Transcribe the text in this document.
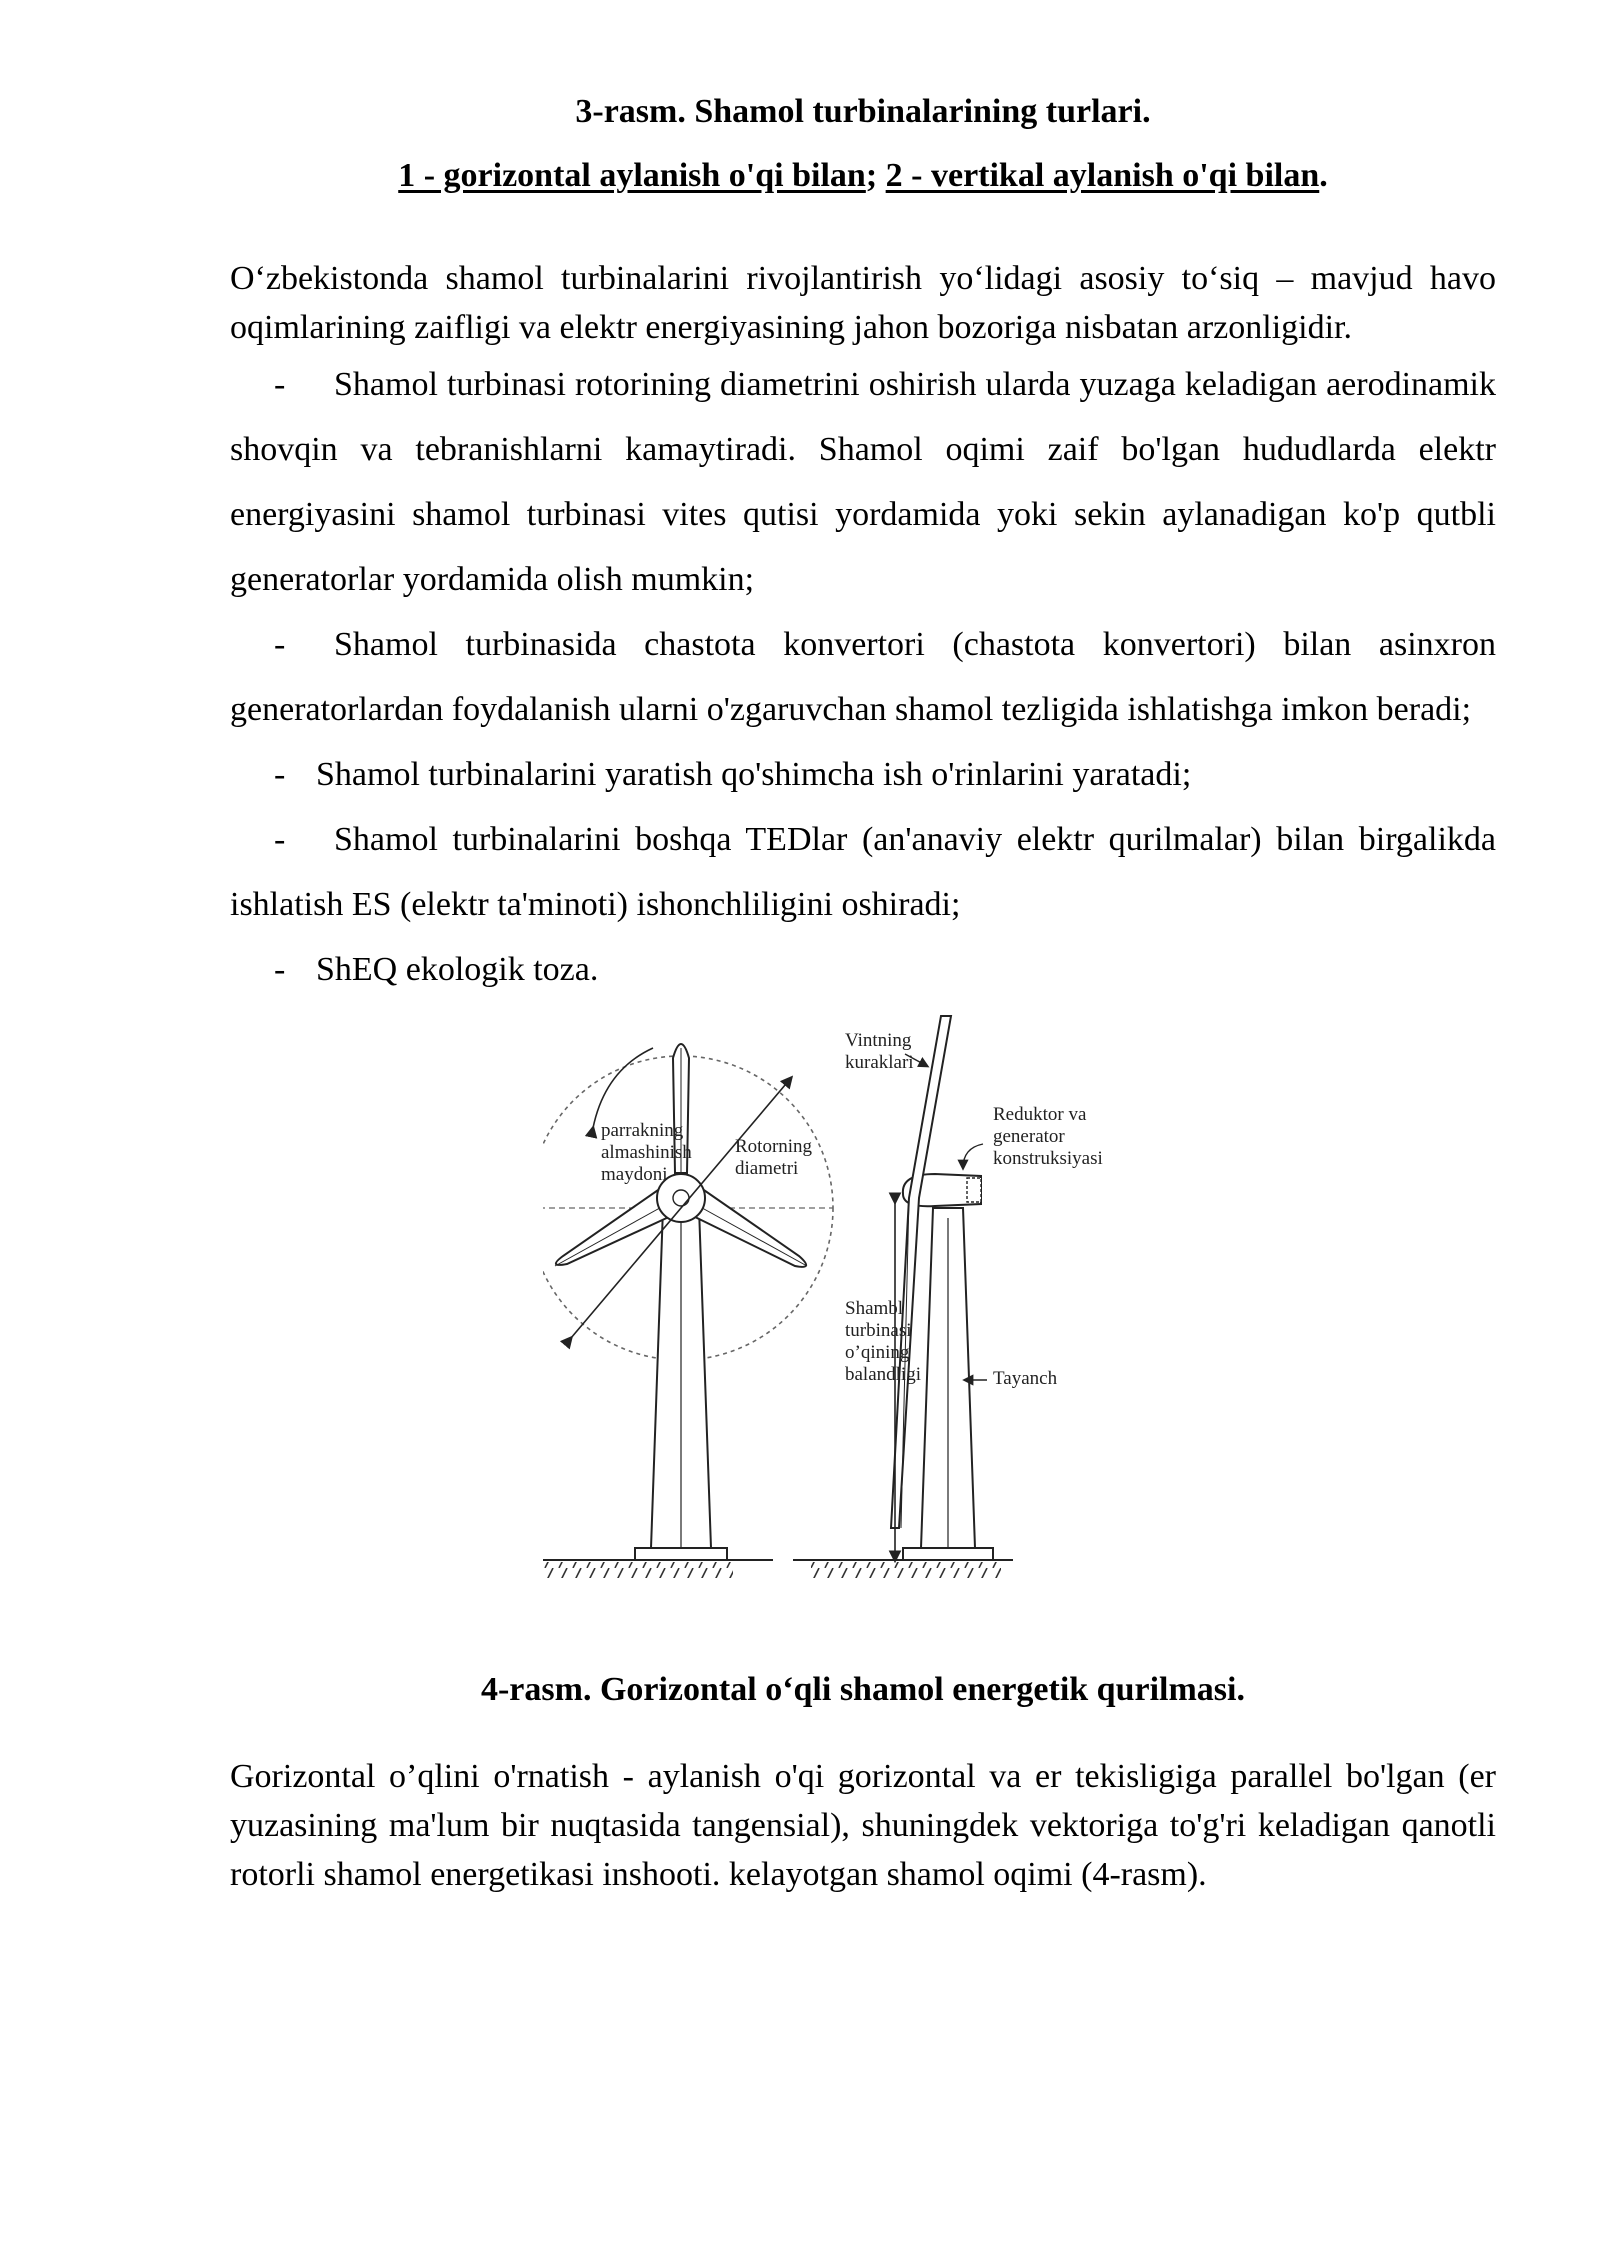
3-rasm. Shamol turbinalarining turlari.

1 - gorizontal aylanish o'qi bilan; 2 - vertikal aylanish o'qi bilan.

O‘zbekistonda shamol turbinalarini rivojlantirish yo‘lidagi asosiy to‘siq – mavjud havo oqimlarining zaifligi va elektr energiyasining jahon bozoriga nisbatan arzonligidir.

- Shamol turbinasi rotorining diametrini oshirish ularda yuzaga keladigan aerodinamik shovqin va tebranishlarni kamaytiradi. Shamol oqimi zaif bo'lgan hududlarda elektr energiyasini shamol turbinasi vites qutisi yordamida yoki sekin aylanadigan ko'p qutbli generatorlar yordamida olish mumkin;

- Shamol turbinasida chastota konvertori (chastota konvertori) bilan asinxron generatorlardan foydalanish ularni o'zgaruvchan shamol tezligida ishlatishga imkon beradi;

- Shamol turbinalarini yaratish qo'shimcha ish o'rinlarini yaratadi;

- Shamol turbinalarini boshqa TEDlar (an'anaviy elektr qurilmalar) bilan birgalikda ishlatish ES (elektr ta'minoti) ishonchliligini oshiradi;

- ShEQ ekologik toza.

parrakning
almashinish
maydoni
Rotorning
diametri
Vintning
kuraklari
Reduktor va
generator
konstruksiyasi
Shambl
turbinasi
o’qining
balandligi	Tayanch

4-rasm. Gorizontal o‘qli shamol energetik qurilmasi.

Gorizontal o’qlini o'rnatish - aylanish o'qi gorizontal va er tekisligiga parallel bo'lgan (er yuzasining ma'lum bir nuqtasida tangensial), shuningdek vektoriga to'g'ri keladigan qanotli rotorli shamol energetikasi inshooti. kelayotgan shamol oqimi (4-rasm).
